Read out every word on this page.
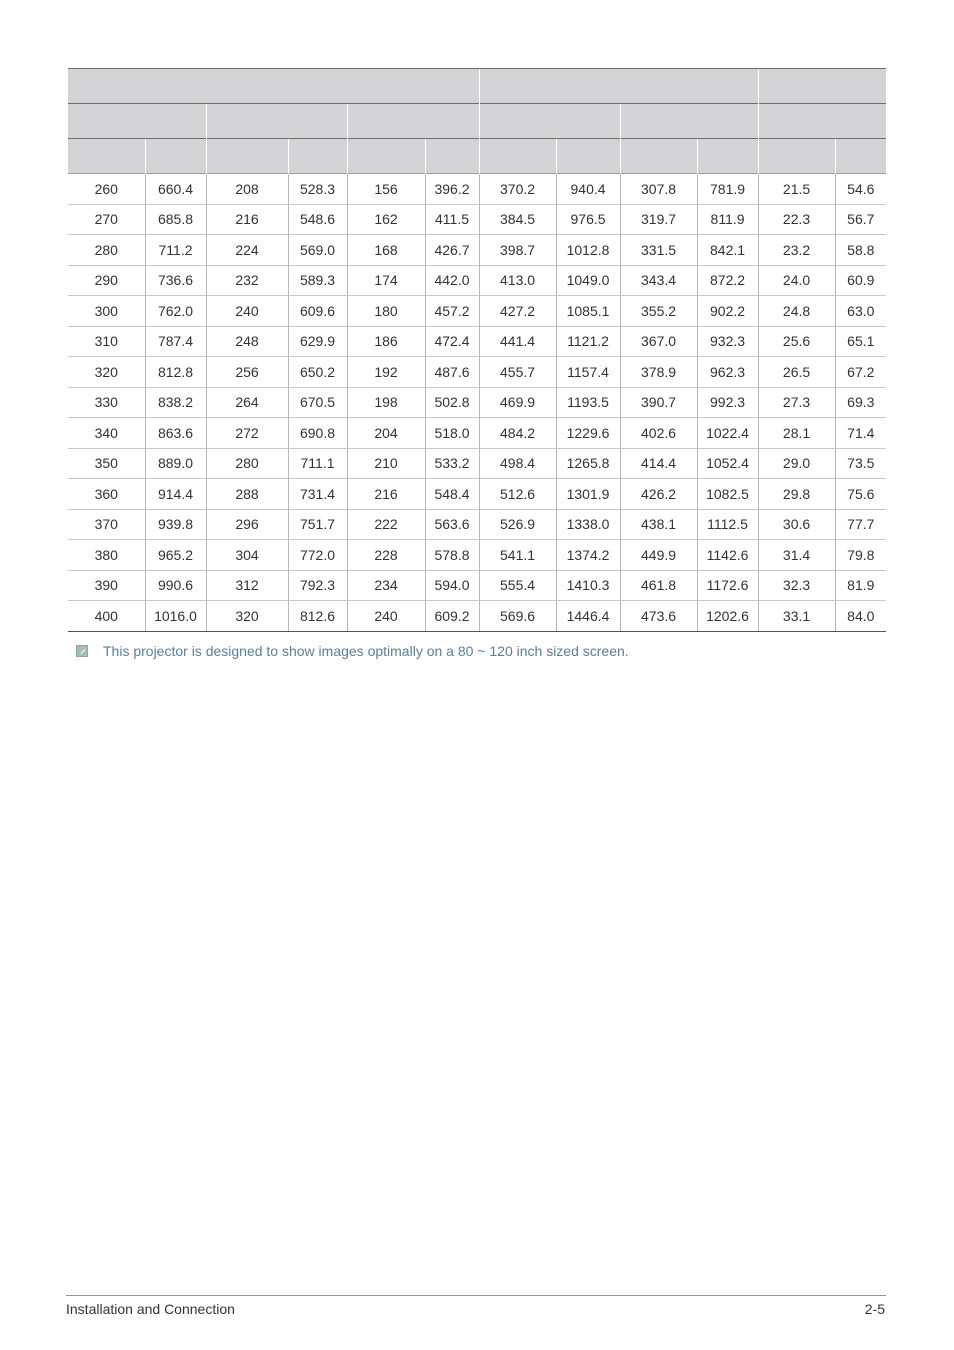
260	660.4	208	528.3	156	396.2	370.2	940.4	307.8	781.9	21.5	54.6
270	685.8	216	548.6	162	411.5	384.5	976.5	319.7	811.9	22.3	56.7
280	711.2	224	569.0	168	426.7	398.7	1012.8	331.5	842.1	23.2	58.8
290	736.6	232	589.3	174	442.0	413.0	1049.0	343.4	872.2	24.0	60.9
300	762.0	240	609.6	180	457.2	427.2	1085.1	355.2	902.2	24.8	63.0
310	787.4	248	629.9	186	472.4	441.4	1121.2	367.0	932.3	25.6	65.1
320	812.8	256	650.2	192	487.6	455.7	1157.4	378.9	962.3	26.5	67.2
330	838.2	264	670.5	198	502.8	469.9	1193.5	390.7	992.3	27.3	69.3
340	863.6	272	690.8	204	518.0	484.2	1229.6	402.6	1022.4	28.1	71.4
350	889.0	280	711.1	210	533.2	498.4	1265.8	414.4	1052.4	29.0	73.5
360	914.4	288	731.4	216	548.4	512.6	1301.9	426.2	1082.5	29.8	75.6
370	939.8	296	751.7	222	563.6	526.9	1338.0	438.1	1112.5	30.6	77.7
380	965.2	304	772.0	228	578.8	541.1	1374.2	449.9	1142.6	31.4	79.8
390	990.6	312	792.3	234	594.0	555.4	1410.3	461.8	1172.6	32.3	81.9
400	1016.0	320	812.6	240	609.2	569.6	1446.4	473.6	1202.6	33.1	84.0
This projector is designed to show images optimally on a 80 ~ 120 inch sized screen.
Installation and Connection	2-5
